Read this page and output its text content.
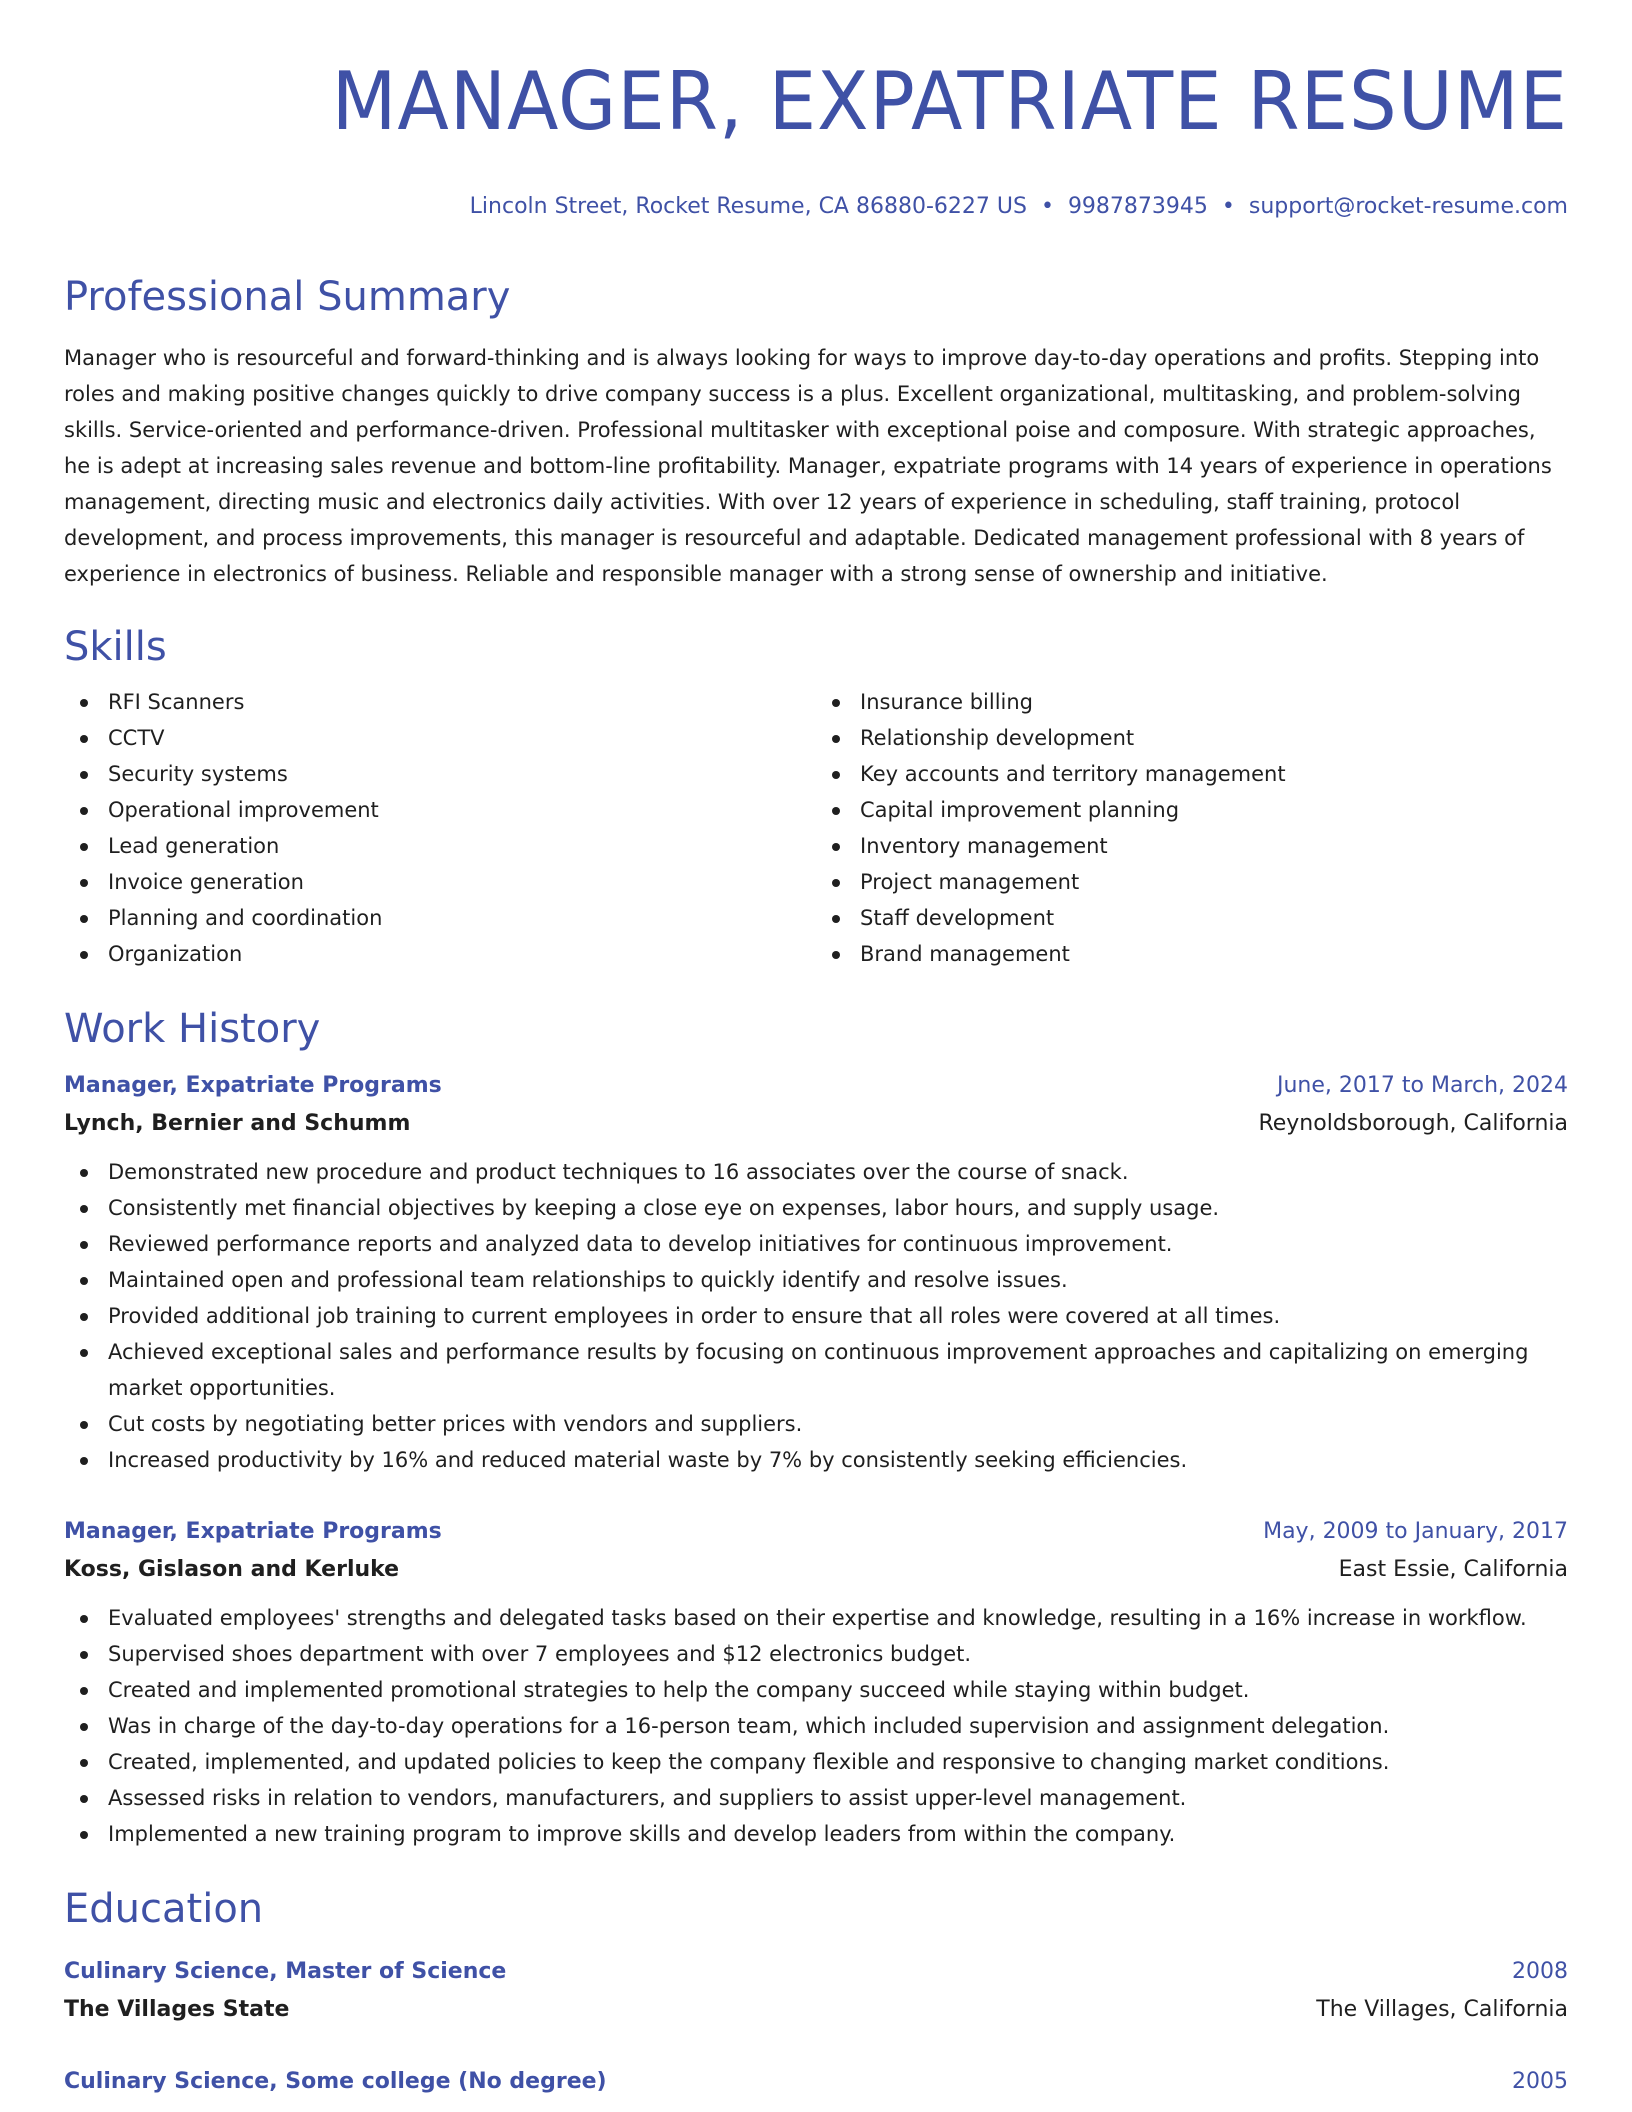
MANAGER, EXPATRIATE RESUME
Lincoln Street, Rocket Resume, CA 86880-6227 US • 9987873945 • support@rocket-resume.com
Professional Summary

Manager who is resourceful and forward-thinking and is always looking for ways to improve day-to-day operations and profits. Stepping into roles and making positive changes quickly to drive company success is a plus. Excellent organizational, multitasking, and problem-solving skills. Service-oriented and performance-driven. Professional multitasker with exceptional poise and composure. With strategic approaches, he is adept at increasing sales revenue and bottom-line profitability. Manager, expatriate programs with 14 years of experience in operations management, directing music and electronics daily activities. With over 12 years of experience in scheduling, staff training, protocol development, and process improvements, this manager is resourceful and adaptable. Dedicated management professional with 8 years of experience in electronics of business. Reliable and responsible manager with a strong sense of ownership and initiative.

Skills
RFI Scanners
CCTV
Security systems
Operational improvement
Lead generation
Invoice generation
Planning and coordination
Organization
Insurance billing
Relationship development
Key accounts and territory management
Capital improvement planning
Inventory management
Project management
Staff development
Brand management
Work History
Manager, Expatriate Programs	June, 2017 to March, 2024
Lynch, Bernier and Schumm	Reynoldsborough, California
Demonstrated new procedure and product techniques to 16 associates over the course of snack.
Consistently met financial objectives by keeping a close eye on expenses, labor hours, and supply usage.
Reviewed performance reports and analyzed data to develop initiatives for continuous improvement.
Maintained open and professional team relationships to quickly identify and resolve issues.
Provided additional job training to current employees in order to ensure that all roles were covered at all times.
Achieved exceptional sales and performance results by focusing on continuous improvement approaches and capitalizing on emerging market opportunities.
Cut costs by negotiating better prices with vendors and suppliers.
Increased productivity by 16% and reduced material waste by 7% by consistently seeking efficiencies.
Manager, Expatriate Programs	May, 2009 to January, 2017
Koss, Gislason and Kerluke	East Essie, California
Evaluated employees' strengths and delegated tasks based on their expertise and knowledge, resulting in a 16% increase in workflow.
Supervised shoes department with over 7 employees and $12 electronics budget.
Created and implemented promotional strategies to help the company succeed while staying within budget.
Was in charge of the day-to-day operations for a 16-person team, which included supervision and assignment delegation.
Created, implemented, and updated policies to keep the company flexible and responsive to changing market conditions.
Assessed risks in relation to vendors, manufacturers, and suppliers to assist upper-level management.
Implemented a new training program to improve skills and develop leaders from within the company.
Education
Culinary Science, Master of Science	2008
The Villages State	The Villages, California
Culinary Science, Some college (No degree)	2005
